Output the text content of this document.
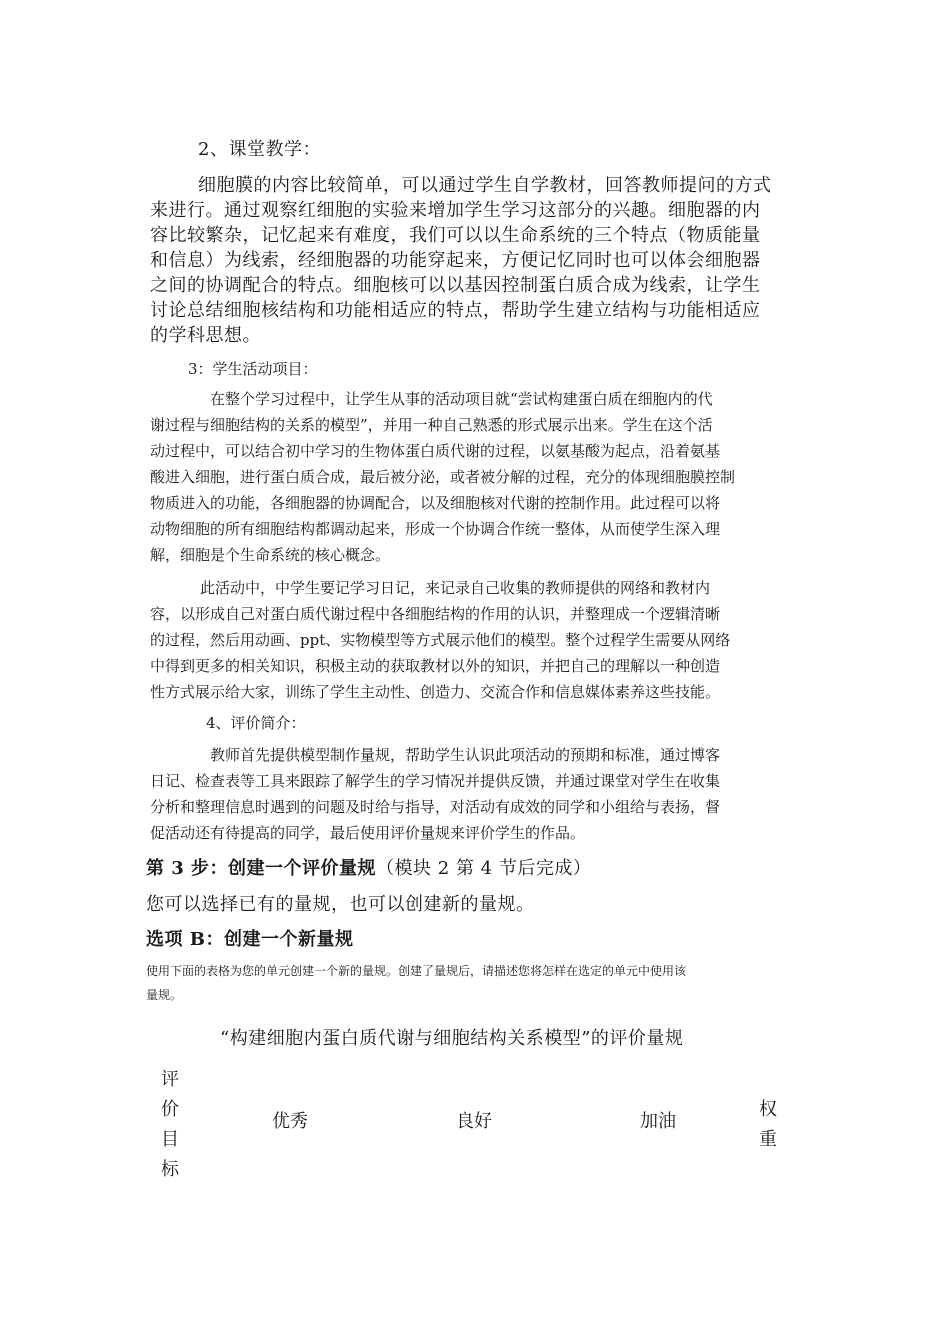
2、课堂教学：
细胞膜的内容比较简单，可以通过学生自学教材，回答教师提问的方式
来进行。通过观察红细胞的实验来增加学生学习这部分的兴趣。细胞器的内
容比较繁杂，记忆起来有难度，我们可以以生命系统的三个特点（物质能量
和信息）为线索，经细胞器的功能穿起来，方便记忆同时也可以体会细胞器
之间的协调配合的特点。细胞核可以以基因控制蛋白质合成为线索，让学生
讨论总结细胞核结构和功能相适应的特点，帮助学生建立结构与功能相适应
的学科思想。
3：学生活动项目：
在整个学习过程中，让学生从事的活动项目就“尝试构建蛋白质在细胞内的代
谢过程与细胞结构的关系的模型”，并用一种自己熟悉的形式展示出来。学生在这个活
动过程中，可以结合初中学习的生物体蛋白质代谢的过程，以氨基酸为起点，沿着氨基
酸进入细胞，进行蛋白质合成，最后被分泌，或者被分解的过程，充分的体现细胞膜控制
物质进入的功能，各细胞器的协调配合，以及细胞核对代谢的控制作用。此过程可以将
动物细胞的所有细胞结构都调动起来，形成一个协调合作统一整体，从而使学生深入理
解，细胞是个生命系统的核心概念。
此活动中，中学生要记学习日记，来记录自己收集的教师提供的网络和教材内
容，以形成自己对蛋白质代谢过程中各细胞结构的作用的认识，并整理成一个逻辑清晰
的过程，然后用动画、ppt、实物模型等方式展示他们的模型。整个过程学生需要从网络
中得到更多的相关知识，积极主动的获取教材以外的知识，并把自己的理解以一种创造
性方式展示给大家，训练了学生主动性、创造力、交流合作和信息媒体素养这些技能。
4、评价简介：
教师首先提供模型制作量规，帮助学生认识此项活动的预期和标准，通过博客
日记、检查表等工具来跟踪了解学生的学习情况并提供反馈，并通过课堂对学生在收集
分析和整理信息时遇到的问题及时给与指导，对活动有成效的同学和小组给与表扬，督
促活动还有待提高的同学，最后使用评价量规来评价学生的作品。
第 3 步：创建一个评价量规（模块 2 第 4 节后完成）
您可以选择已有的量规，也可以创建新的量规。
选项 B：创建一个新量规
使用下面的表格为您的单元创建一个新的量规。创建了量规后，请描述您将怎样在选定的单元中使用该
量规。
“构建细胞内蛋白质代谢与细胞结构关系模型”的评价量规
评
价
目
标
优秀	良好	加油
权
重
